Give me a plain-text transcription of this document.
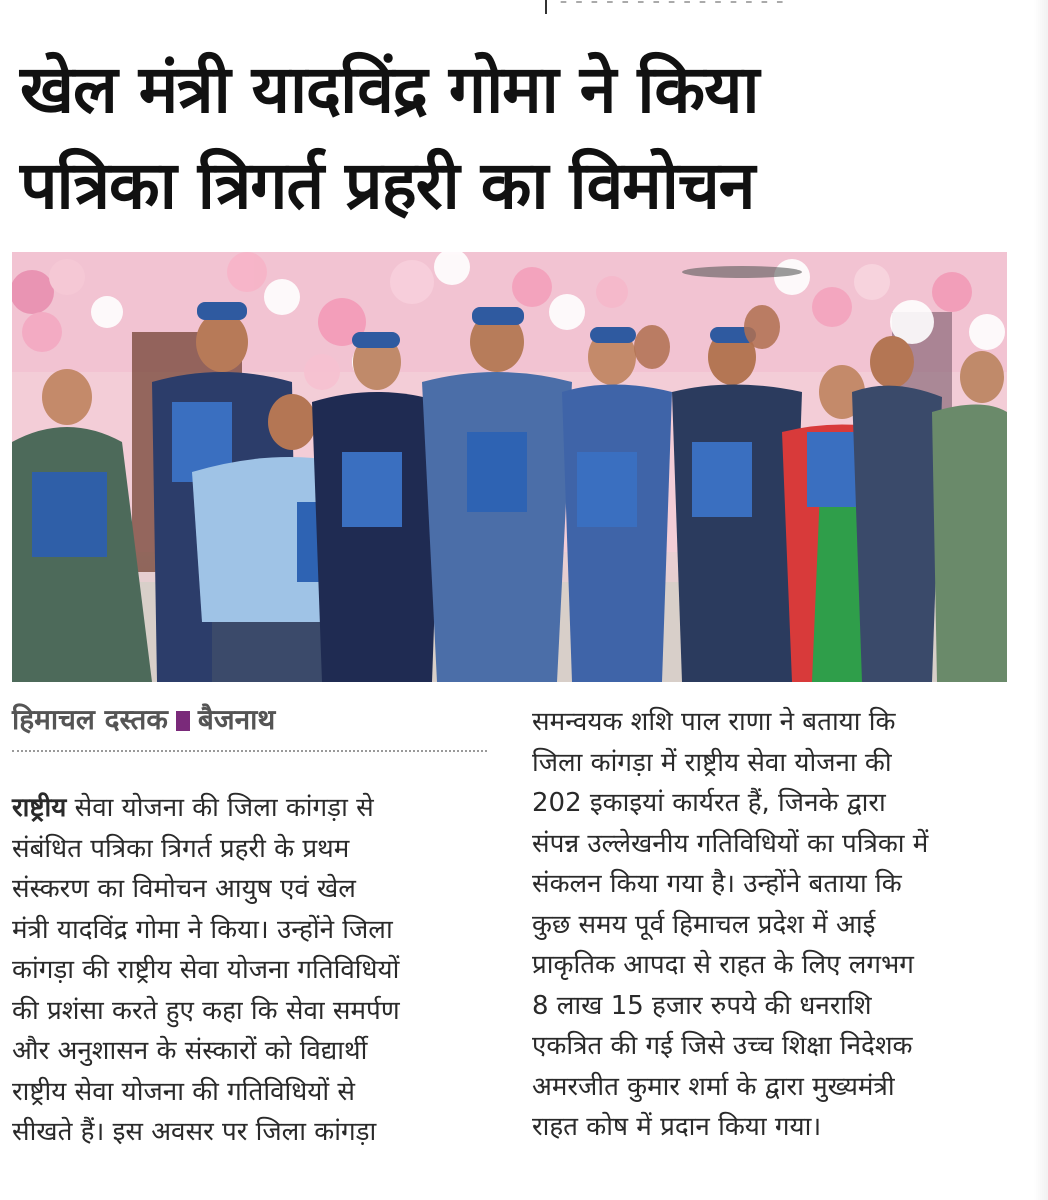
– – – – – – – – – – – – – – –
खेल मंत्री यादविंद्र गोमा ने किया
पत्रिका त्रिगर्त प्रहरी का विमोचन
हिमाचल दस्तक बैजनाथ
राष्ट्रीय सेवा योजना की जिला कांगड़ा से
संबंधित पत्रिका त्रिगर्त प्रहरी के प्रथम
संस्करण का विमोचन आयुष एवं खेल
मंत्री यादविंद्र गोमा ने किया। उन्होंने जिला
कांगड़ा की राष्ट्रीय सेवा योजना गतिविधियों
की प्रशंसा करते हुए कहा कि सेवा समर्पण
और अनुशासन के संस्कारों को विद्यार्थी
राष्ट्रीय सेवा योजना की गतिविधियों से
सीखते हैं। इस अवसर पर जिला कांगड़ा
समन्वयक शशि पाल राणा ने बताया कि
जिला कांगड़ा में राष्ट्रीय सेवा योजना की
202 इकाइयां कार्यरत हैं, जिनके द्वारा
संपन्न उल्लेखनीय गतिविधियों का पत्रिका में
संकलन किया गया है। उन्होंने बताया कि
कुछ समय पूर्व हिमाचल प्रदेश में आई
प्राकृतिक आपदा से राहत के लिए लगभग
8 लाख 15 हजार रुपये की धनराशि
एकत्रित की गई जिसे उच्च शिक्षा निदेशक
अमरजीत कुमार शर्मा के द्वारा मुख्यमंत्री
राहत कोष में प्रदान किया गया।
